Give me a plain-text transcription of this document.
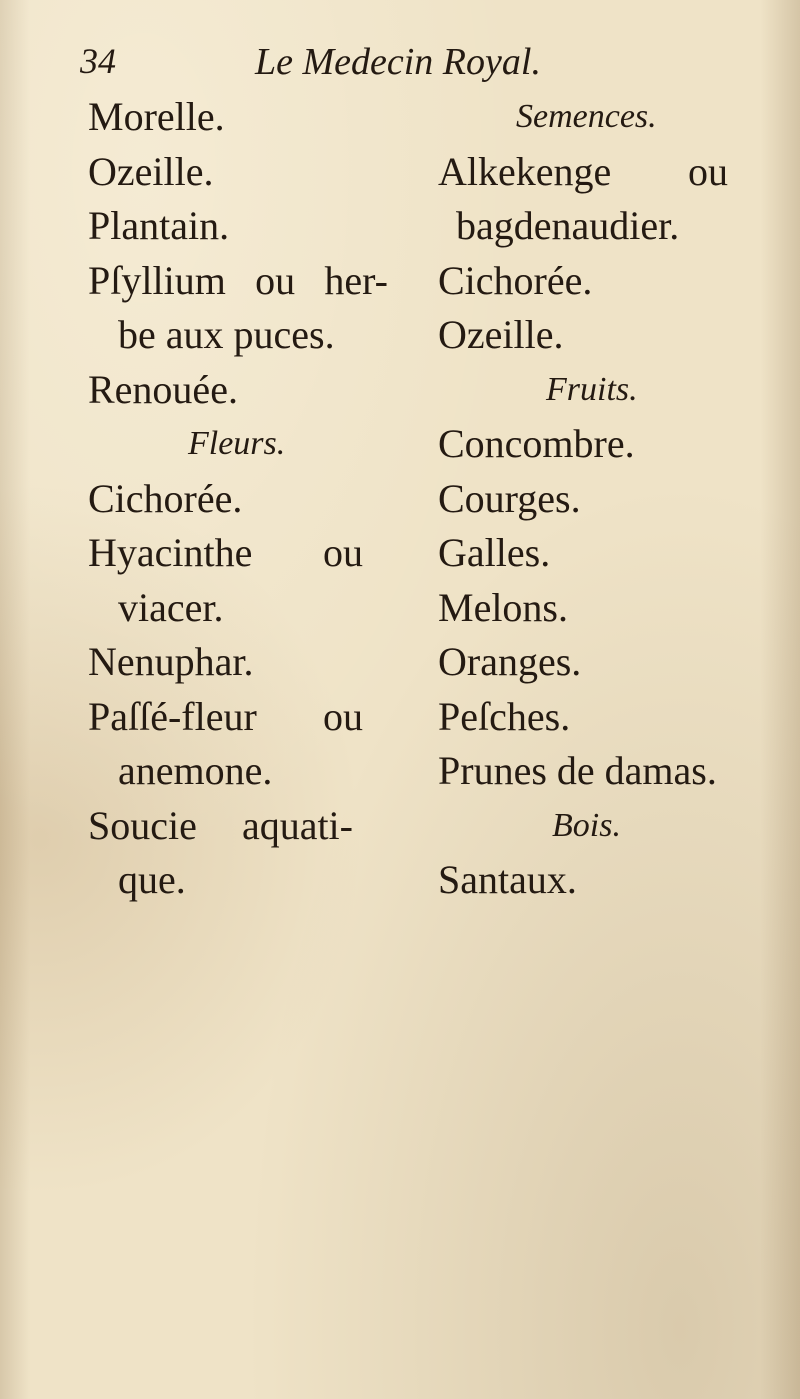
34	Le Medecin Royal.
Morelle.
Ozeille.
Plantain.
Pſyllium ou her-
be aux puces.
Renouée.
Fleurs.
Cichorée.
Hyacinthe ou
viacer.
Nenuphar.
Paſſé-fleur ou
anemone.
Soucie aquati-
que.
Semences.
Alkekenge ou
bagdenaudier.
Cichorée.
Ozeille.
Fruits.
Concombre.
Courges.
Galles.
Melons.
Oranges.
Peſches.
Prunes de damas.
Bois.
Santaux.
